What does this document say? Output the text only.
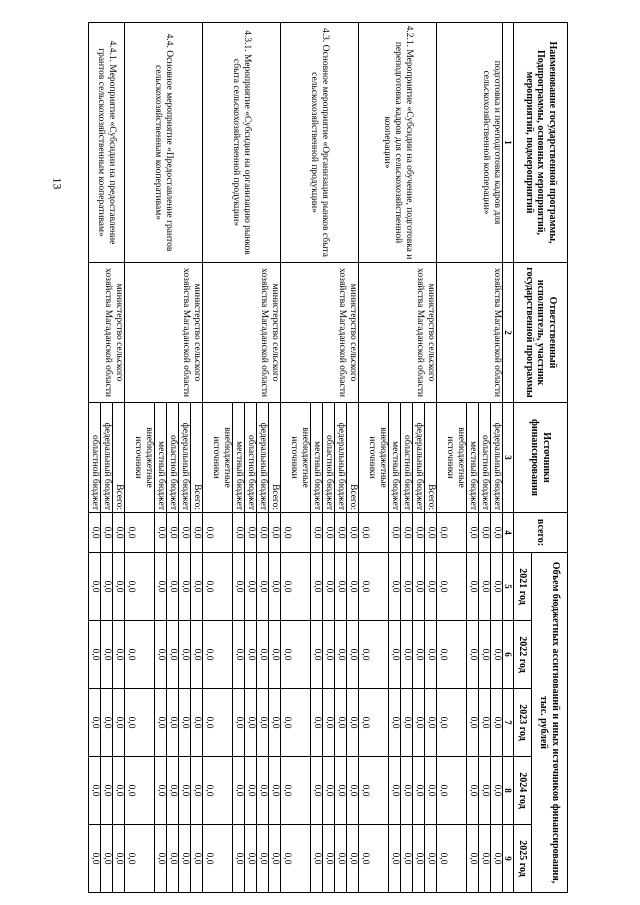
13	Наименование государственной программы, Подпрограммы, основных мероприятий, мероприятий, подмероприятий	Ответственный исполнитель, участник государственной программы	Источники финансирования	всего:	Объем бюджетных ассигнований и иных источников финансирования, тыс. рублей				
				2021 год	2022 год	2023 год	2024 год	2025 год
1	2	3	4	5	6	7	8	9
подготовка и переподготовка кадров для сельскохозяйственной кооперации»	хозяйства Магаданской области	федеральный бюджет	0,0	0,0	0,0	0,0	0,0	0,0
		областной бюджет	0,0	0,0	0,0	0,0	0,0	0,0
		местный бюджет	0,0	0,0	0,0	0,0	0,0	0,0
		внебюджетные источники	0,0	0,0	0,0	0,0	0,0	0,0
4.2.1. Мероприятие «Субсидии на обучение, подготовка и переподготовка кадров для сельскохозяйственной кооперации»	министерство сельского хозяйства Магаданской области	Всего:	0,0	0,0	0,0	0,0	0,0	0,0
		федеральный бюджет	0,0	0,0	0,0	0,0	0,0	0,0
		областной бюджет	0,0	0,0	0,0	0,0	0,0	0,0
		местный бюджет	0,0	0,0	0,0	0,0	0,0	0,0
		внебюджетные источники	0,0	0,0	0,0	0,0	0,0	0,0
4.3. Основное мероприятие «Организация рынков сбыта сельскохозяйственной продукции»	министерство сельского хозяйства Магаданской области	Всего:	0,0	0,0	0,0	0,0	0,0	0,0
		федеральный бюджет	0,0	0,0	0,0	0,0	0,0	0,0
		областной бюджет	0,0	0,0	0,0	0,0	0,0	0,0
		местный бюджет	0,0	0,0	0,0	0,0	0,0	0,0
		внебюджетные источники	0,0	0,0	0,0	0,0	0,0	0,0
4.3.1. Мероприятие «Субсидии на организацию рынков сбыта сельскохозяйственной продукции»	министерство сельского хозяйства Магаданской области	Всего:	0,0	0,0	0,0	0,0	0,0	0,0
		федеральный бюджет	0,0	0,0	0,0	0,0	0,0	0,0
		областной бюджет	0,0	0,0	0,0	0,0	0,0	0,0
		местный бюджет	0,0	0,0	0,0	0,0	0,0	0,0
		внебюджетные источники	0,0	0,0	0,0	0,0	0,0	0,0
4.4. Основное мероприятие «Предоставление грантов сельскохозяйственным кооперативам»	министерство сельского хозяйства Магаданской области	Всего:	0,0	0,0	0,0	0,0	0,0	0,0
		федеральный бюджет	0,0	0,0	0,0	0,0	0,0	0,0
		областной бюджет	0,0	0,0	0,0	0,0	0,0	0,0
		местный бюджет	0,0	0,0	0,0	0,0	0,0	0,0
		внебюджетные источники	0,0	0,0	0,0	0,0	0,0	0,0
4.4.1. Мероприятие «Субсидии на предоставление грантов сельскохозяйственным кооперативам»	министерство сельского хозяйства Магаданской области	Всего:	0,0	0,0	0,0	0,0	0,0	0,0
		федеральный бюджет	0,0	0,0	0,0	0,0	0,0	0,0
		областной бюджет	0,0	0,0	0,0	0,0	0,0	0,0
